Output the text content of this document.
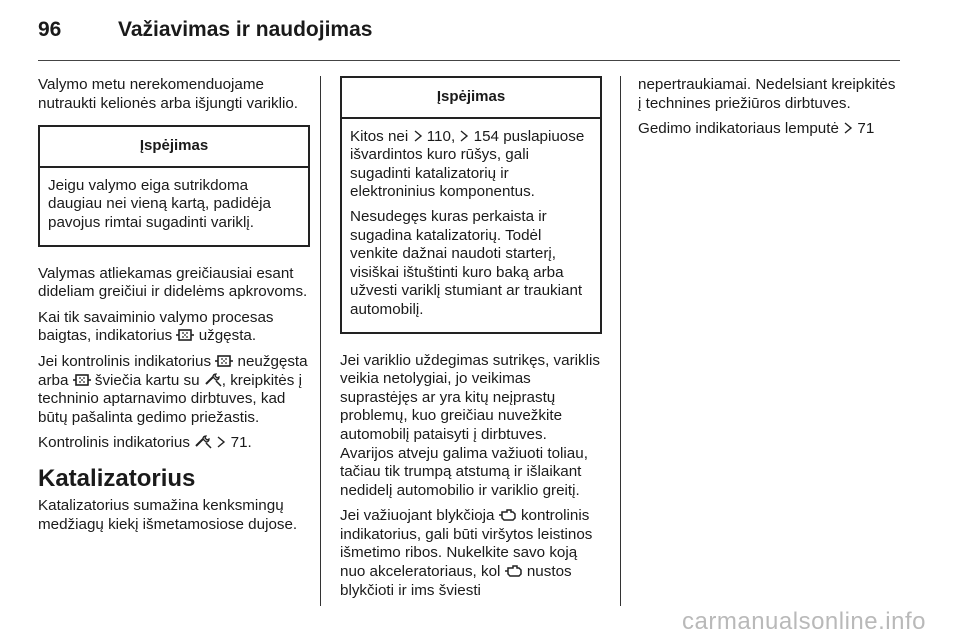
96	Važiavimas ir naudojimas

Valymo metu nerekomenduojame nutraukti kelionės arba išjungti variklio.

Įspėjimas

Jeigu valymo eiga sutrikdoma daugiau nei vieną kartą, padidėja pavojus rimtai sugadinti variklį.

Valymas atliekamas greičiausiai esant dideliam greičiui ir didelėms apkrovoms.

Kai tik savaiminio valymo procesas baigtas, indikatorius  užgęsta.

Jei kontrolinis indikatorius  neužgęsta arba  šviečia kartu su , kreipkitės į techninio aptarnavimo dirbtuves, kad būtų pašalinta gedimo priežastis.

Kontrolinis indikatorius	71.

Katalizatorius

Katalizatorius sumažina kenksmingų medžiagų kiekį išmetamosiose dujose.

Įspėjimas

Kitos nei 110, 154 puslapiuose išvardintos kuro rūšys, gali sugadinti katalizatorių ir elektroninius komponentus.

Nesudegęs kuras perkaista ir sugadina katalizatorių. Todėl venkite dažnai naudoti starterį, visiškai ištuštinti kuro baką arba užvesti variklį stumiant ar traukiant automobilį.

Jei variklio uždegimas sutrikęs, variklis veikia netolygiai, jo veikimas suprastėjęs ar yra kitų neįprastų problemų, kuo greičiau nuvežkite automobilį pataisyti į dirbtuves. Avarijos atveju galima važiuoti toliau, tačiau tik trumpą atstumą ir išlaikant nedidelį automobilio ir variklio greitį.

Jei važiuojant blykčioja  kontrolinis indikatorius, gali būti viršytos leistinos išmetimo ribos. Nukelkite savo koją nuo akceleratoriaus, kol  nustos blykčioti ir ims šviesti

nepertraukiamai. Nedelsiant kreipkitės į technines priežiūros dirbtuves.

Gedimo indikatoriaus lemputė 71

carmanualsonline.info
